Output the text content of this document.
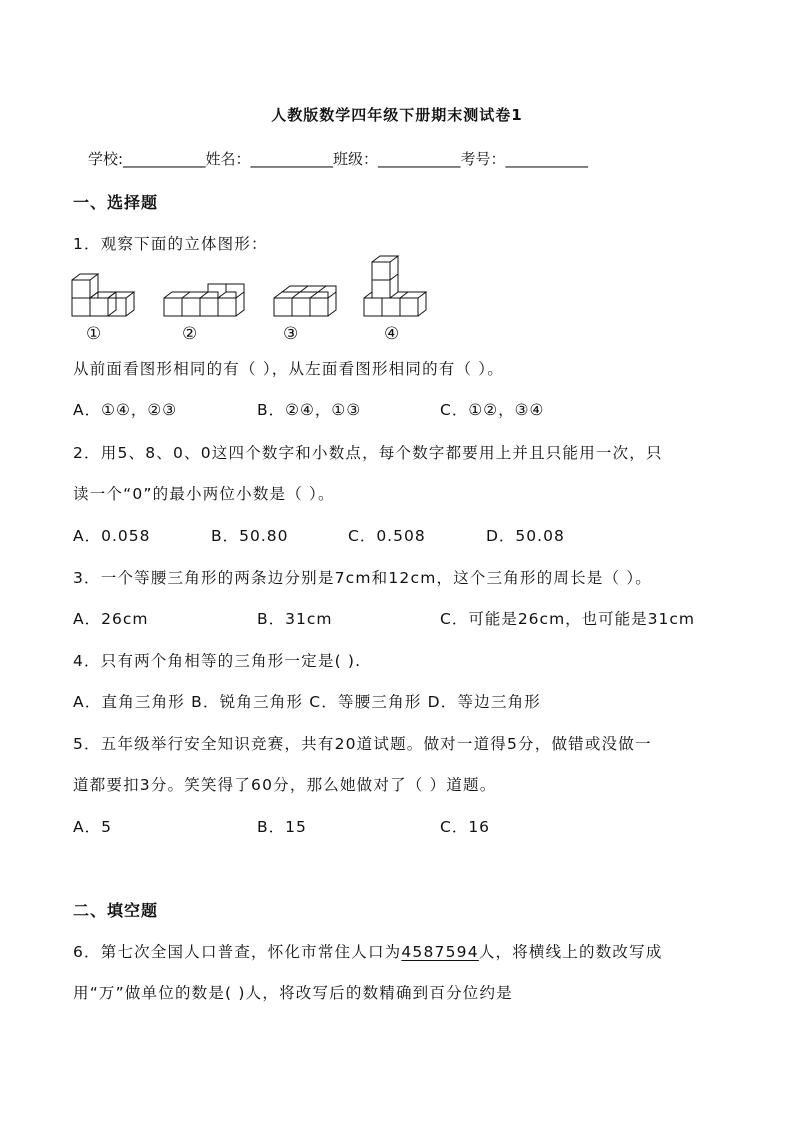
人教版数学四年级下册期末测试卷1
学校:___________姓名：___________班级：___________考号：___________
一、选择题
1．观察下面的立体图形：
①	②	③	④
从前面看图形相同的有（ ），从左面看图形相同的有（ ）。
A．①④，②③	B．②④，①③	C．①②，③④
2．用5、8、0、0这四个数字和小数点，每个数字都要用上并且只能用一次，只
读一个“0”的最小两位小数是（ ）。
A．0.058	B．50.80	C．0.508	D．50.08
3．一个等腰三角形的两条边分别是7cm和12cm，这个三角形的周长是（ ）。
A．26cm	B．31cm	C．可能是26cm，也可能是31cm
4．只有两个角相等的三角形一定是( ).
A．直角三角形 B．锐角三角形 C．等腰三角形 D．等边三角形
5．五年级举行安全知识竞赛，共有20道试题。做对一道得5分，做错或没做一
道都要扣3分。笑笑得了60分，那么她做对了（ ）道题。
A．5	B．15	C．16
二、填空题
6．第七次全国人口普查，怀化市常住人口为4587594人，将横线上的数改写成
用“万”做单位的数是( )人，将改写后的数精确到百分位约是
